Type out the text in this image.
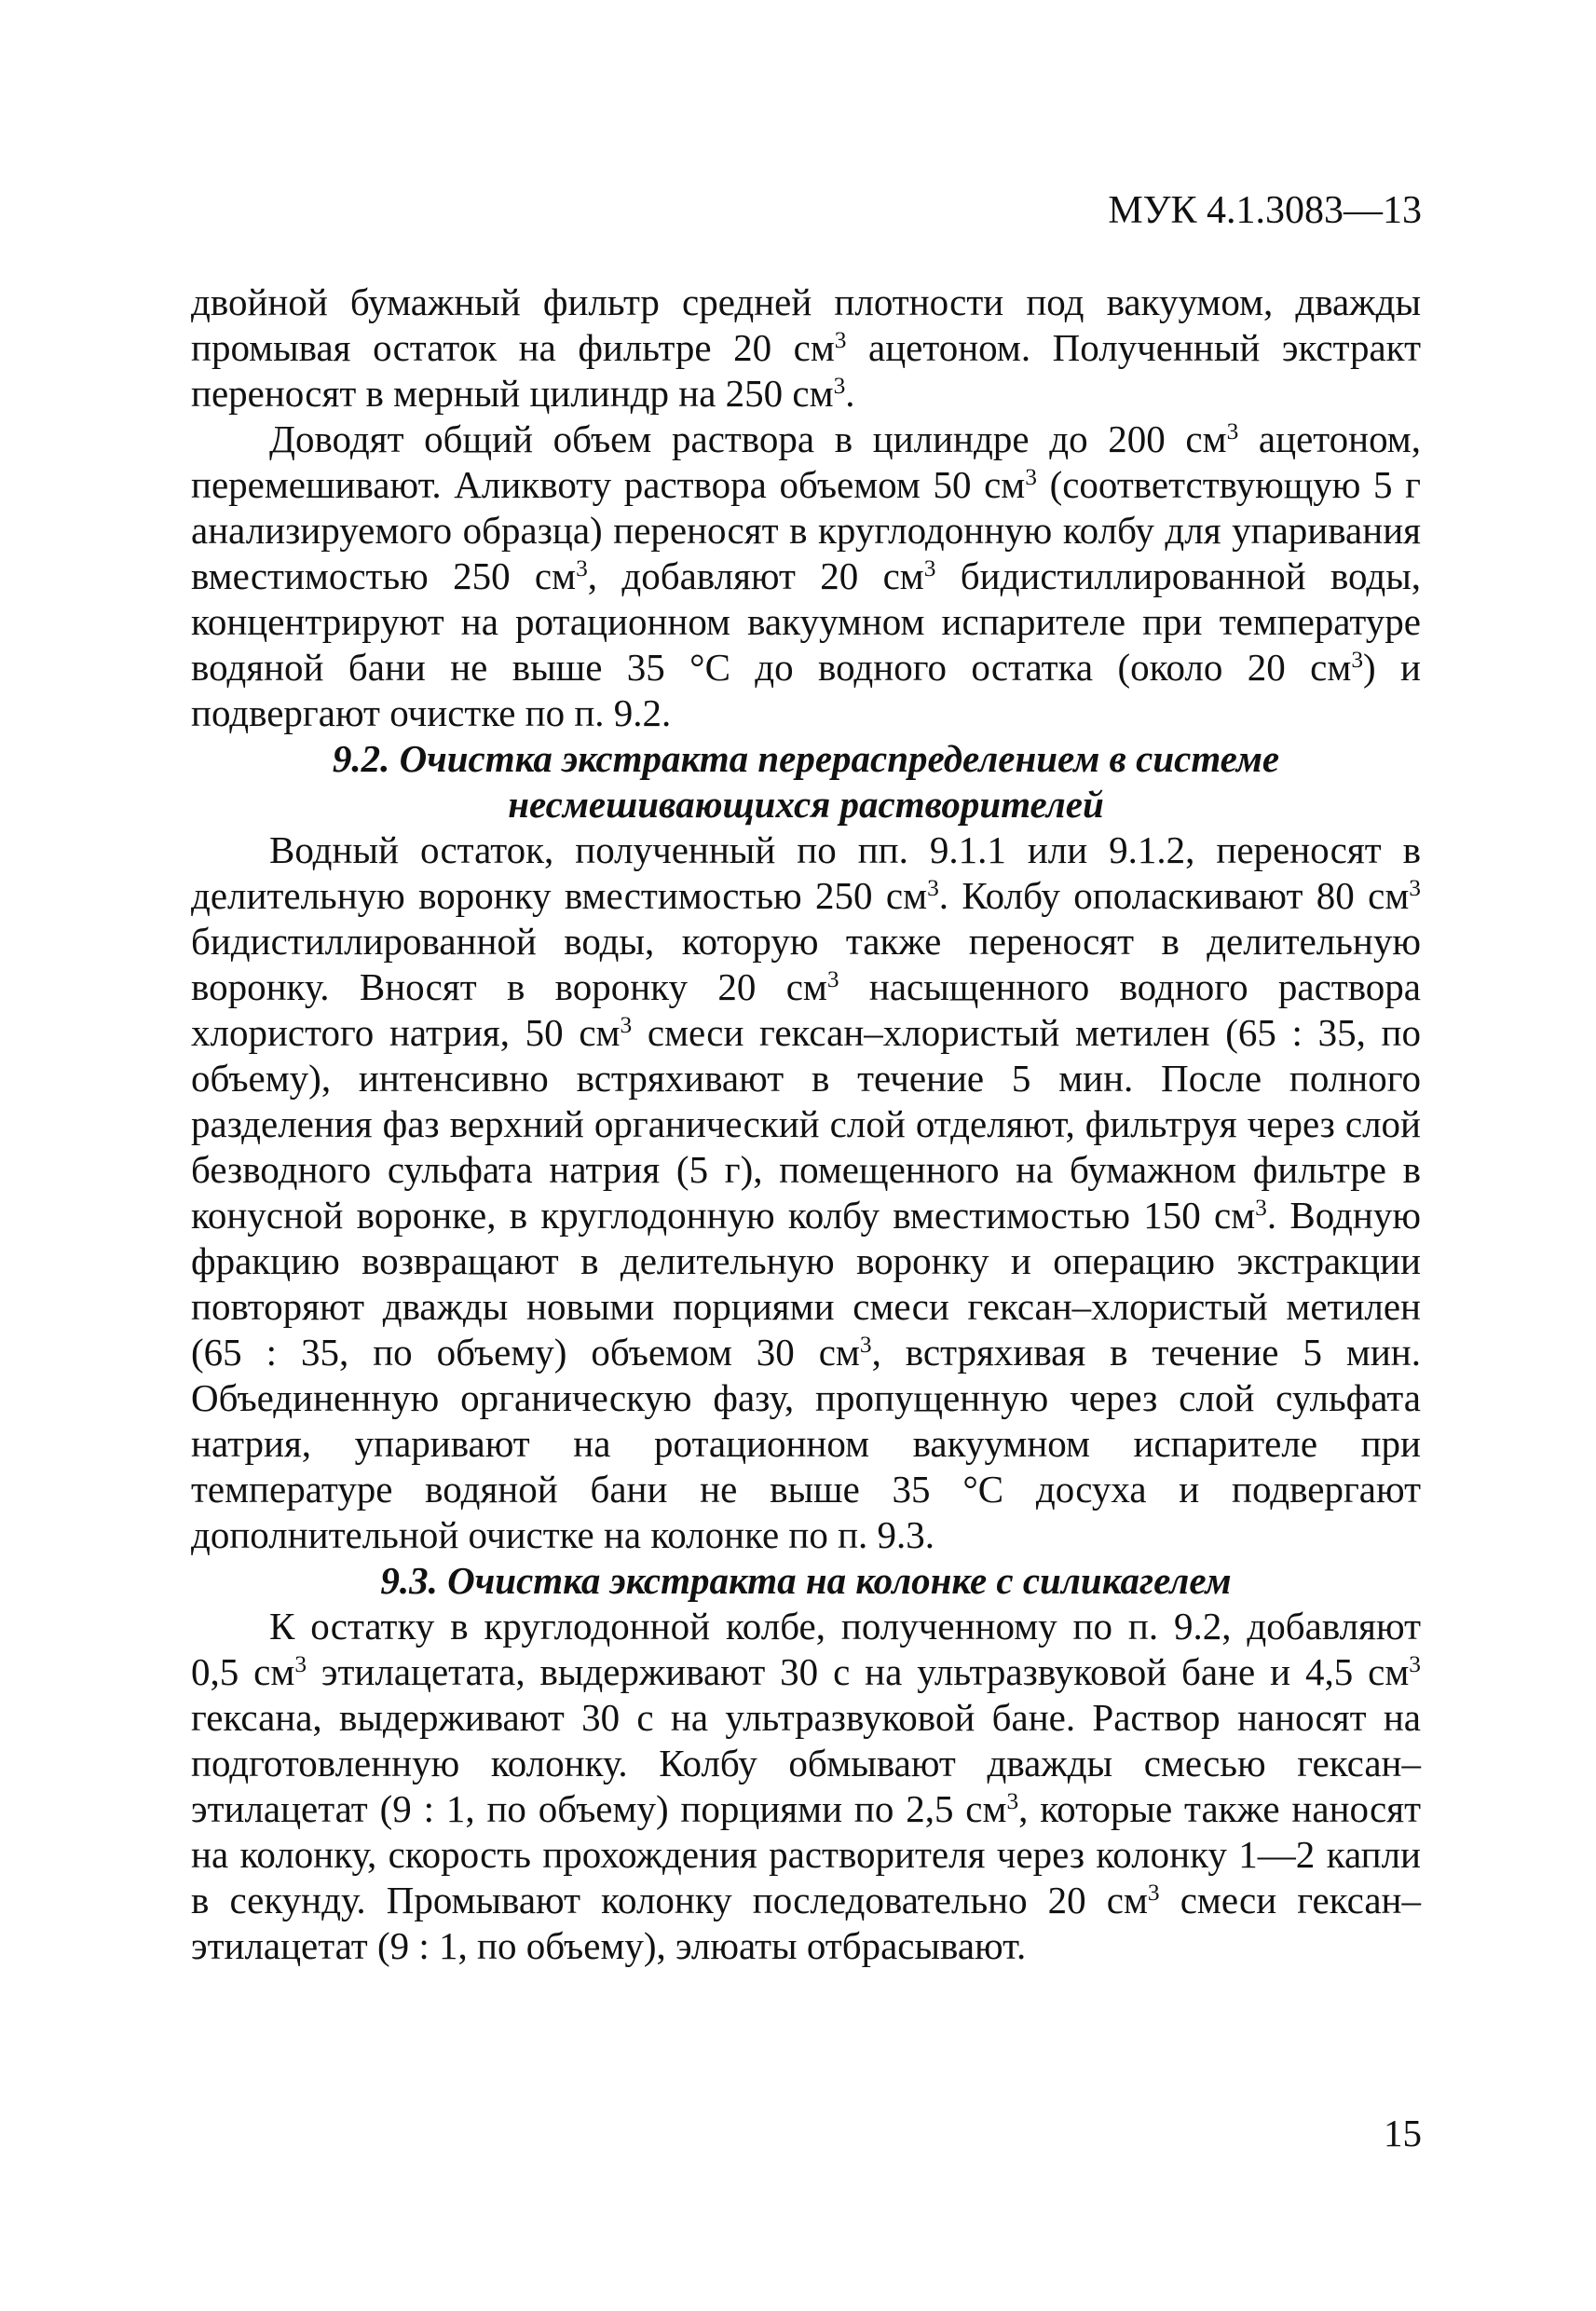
МУК 4.1.3083—13

двойной бумажный фильтр средней плотности под вакуумом, дважды промывая остаток на фильтре 20 $см^3$ ацетоном. Полученный экстракт переносят в мерный цилиндр на 250 $см^3$.

Доводят общий объем раствора в цилиндре до 200 $см^3$ ацетоном, перемешивают. Аликвоту раствора объемом 50 $см^3$ (соответствующую 5 г анализируемого образца) переносят в круглодонную колбу для упаривания вместимостью 250 $см^3$, добавляют 20 $см^3$ бидистиллированной воды, концентрируют на ротационном вакуумном испарителе при температуре водяной бани не выше 35 °С до водного остатка (около 20 $см^3$) и подвергают очистке по п. 9.2.

9.2. Очистка экстракта перераспределением в системе

несмешивающихся растворителей

Водный остаток, полученный по пп. 9.1.1 или 9.1.2, переносят в делительную воронку вместимостью 250 $см^3$. Колбу ополаскивают 80 $см^3$ бидистиллированной воды, которую также переносят в делительную воронку. Вносят в воронку 20 $см^3$ насыщенного водного раствора хлористого натрия, 50 $см^3$ смеси гексан–хлористый метилен (65 : 35, по объему), интенсивно встряхивают в течение 5 мин. После полного разделения фаз верхний органический слой отделяют, фильтруя через слой безводного сульфата натрия (5 г), помещенного на бумажном фильтре в конусной воронке, в круглодонную колбу вместимостью 150 $см^3$. Водную фракцию возвращают в делительную воронку и операцию экстракции повторяют дважды новыми порциями смеси гексан–хлористый метилен (65 : 35, по объему) объемом 30 $см^3$, встряхивая в течение 5 мин. Объединенную органическую фазу, пропущенную через слой сульфата натрия, упаривают на ротационном вакуумном испарителе при температуре водяной бани не выше 35 °С досуха и подвергают дополнительной очистке на колонке по п. 9.3.

9.3. Очистка экстракта на колонке с силикагелем

К остатку в круглодонной колбе, полученному по п. 9.2, добавляют 0,5 $см^3$ этилацетата, выдерживают 30 с на ультразвуковой бане и 4,5 $см^3$ гексана, выдерживают 30 с на ультразвуковой бане. Раствор наносят на подготовленную колонку. Колбу обмывают дважды смесью гексан–этилацетат (9 : 1, по объему) порциями по 2,5 $см^3$, которые также наносят на колонку, скорость прохождения растворителя через колонку 1—2 капли в секунду. Промывают колонку последовательно 20 $см^3$ смеси гексан–этилацетат (9 : 1, по объему), элюаты отбрасывают.

15
